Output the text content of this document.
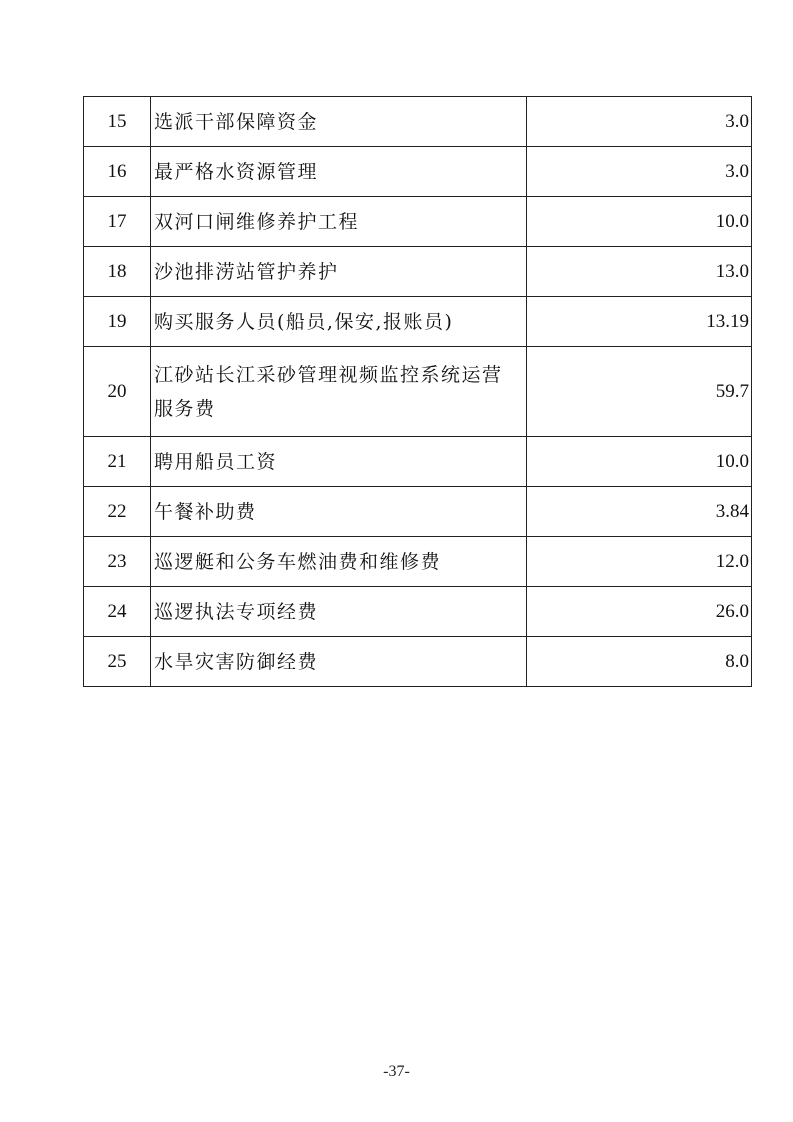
15	选派干部保障资金	3.0
16	最严格水资源管理	3.0
17	双河口闸维修养护工程	10.0
18	沙池排涝站管护养护	13.0
19	购买服务人员(船员,保安,报账员)	13.19
20	江砂站长江采砂管理视频监控系统运营服务费	59.7
21	聘用船员工资	10.0
22	午餐补助费	3.84
23	巡逻艇和公务车燃油费和维修费	12.0
24	巡逻执法专项经费	26.0
25	水旱灾害防御经费	8.0
-37-
